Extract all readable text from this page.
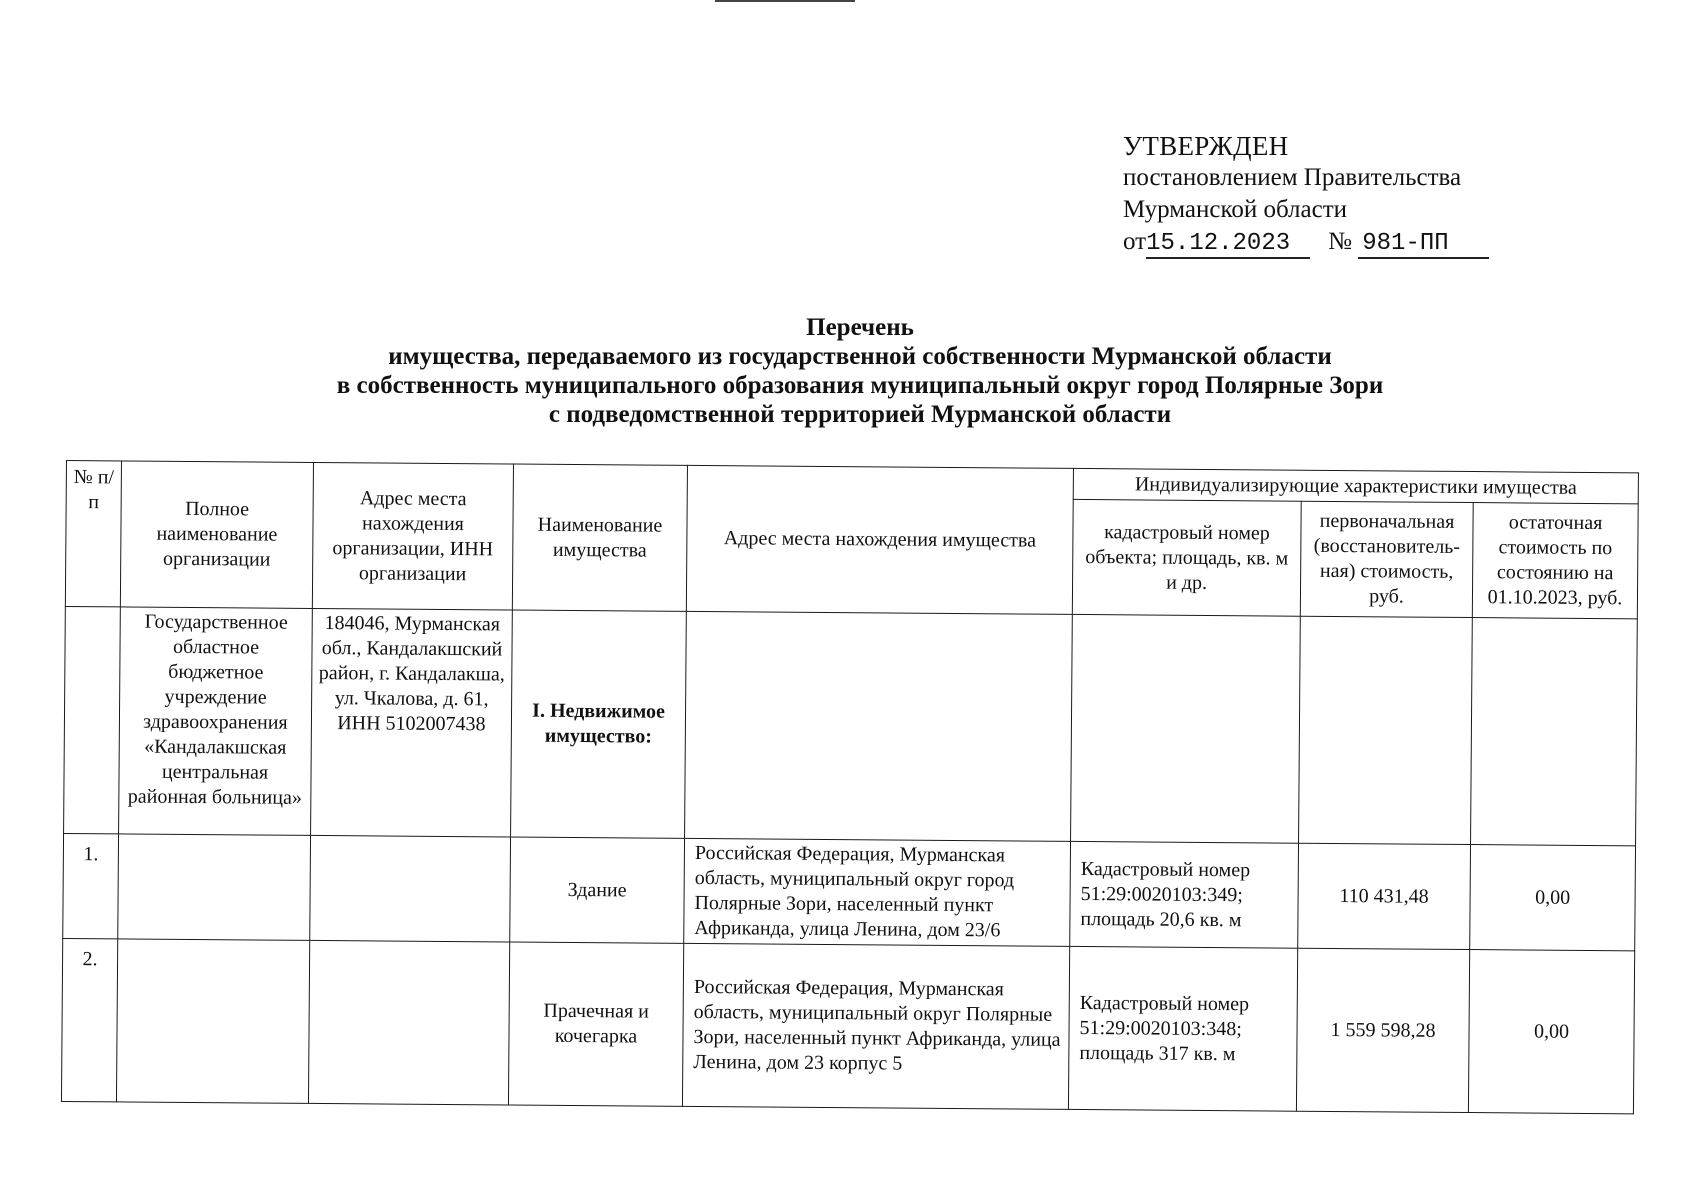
УТВЕРЖДЕН
постановлением Правительства
Мурманской области
от15.12.2023 № 981-ПП
Перечень
имущества, передаваемого из государственной собственности Мурманской области
в собственность муниципального образования муниципальный округ город Полярные Зори
с подведомственной территорией Мурманской области
№ п/п	Полное наименование организации	Адрес места нахождения организации, ИНН организации	Наименование имущества	Адрес места нахождения имущества	Индивидуализирующие характеристики имущества		
					кадастровый номер объекта; площадь, кв. м и др.	первоначальная (восстановитель-ная) стоимость, руб.	остаточная стоимость по состоянию на 01.10.2023, руб.
	Государственное областное бюджетное учреждение здравоохранения «Кандалакшская центральная районная больница»	184046, Мурманская обл., Кандалакшский район, г. Кандалакша, ул. Чкалова, д. 61, ИНН 5102007438	I. Недвижимое имущество:				
1.			Здание	Российская Федерация, Мурманская область, муниципальный округ город Полярные Зори, населенный пункт Африканда, улица Ленина, дом 23/6	Кадастровый номер 51:29:0020103:349; площадь 20,6 кв. м	110 431,48	0,00
2.			Прачечная и кочегарка	Российская Федерация, Мурманская область, муниципальный округ Полярные Зори, населенный пункт Африканда, улица Ленина, дом 23 корпус 5	Кадастровый номер 51:29:0020103:348; площадь 317 кв. м	1 559 598,28	0,00
